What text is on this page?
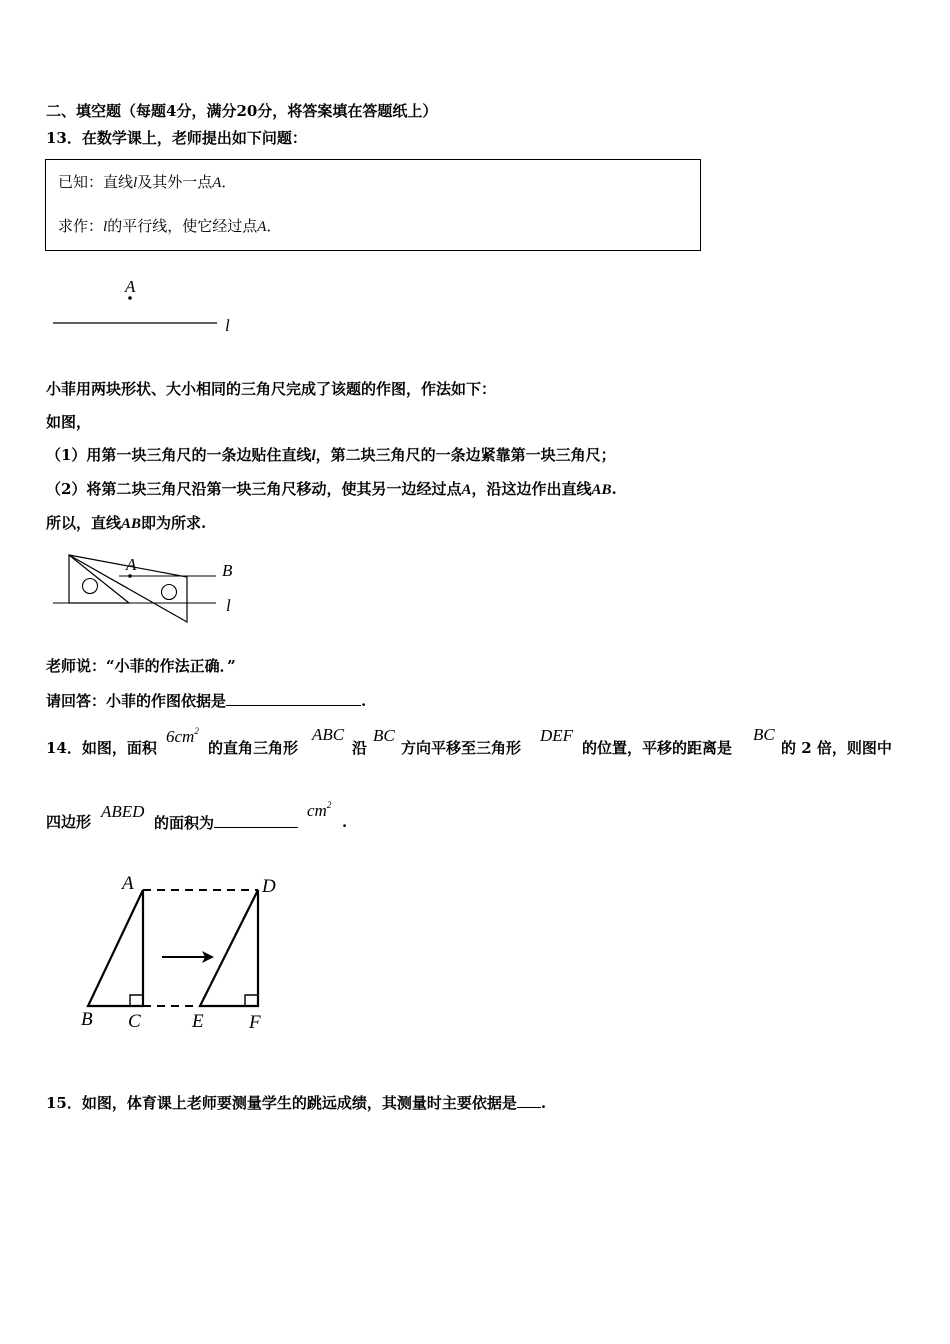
二、填空题（每题4分，满分20分，将答案填在答题纸上）
13．在数学课上，老师提出如下问题：
已知：直线l及其外一点A．
求作：l的平行线，使它经过点A．
A
l
小菲用两块形状、大小相同的三角尺完成了该题的作图，作法如下：
如图，
（1）用第一块三角尺的一条边贴住直线l，第二块三角尺的一条边紧靠第一块三角尺；
（2）将第二块三角尺沿第一块三角尺移动，使其另一边经过点A，沿这边作出直线AB.
所以，直线AB即为所求.
A	B
l
老师说：“小菲的作法正确．”
请回答：小菲的作图依据是	.
14．如图，面积
$6cm^2$
的直角三角形
ABC
沿
BC
方向平移至三角形
DEF
的位置，平移的距离是
BC
的 2 倍，则图中
四边形
ABED
的面积为
$cm^2$
.
A	D
B C	E F
15．如图，体育课上老师要测量学生的跳远成绩，其测量时主要依据是 .
